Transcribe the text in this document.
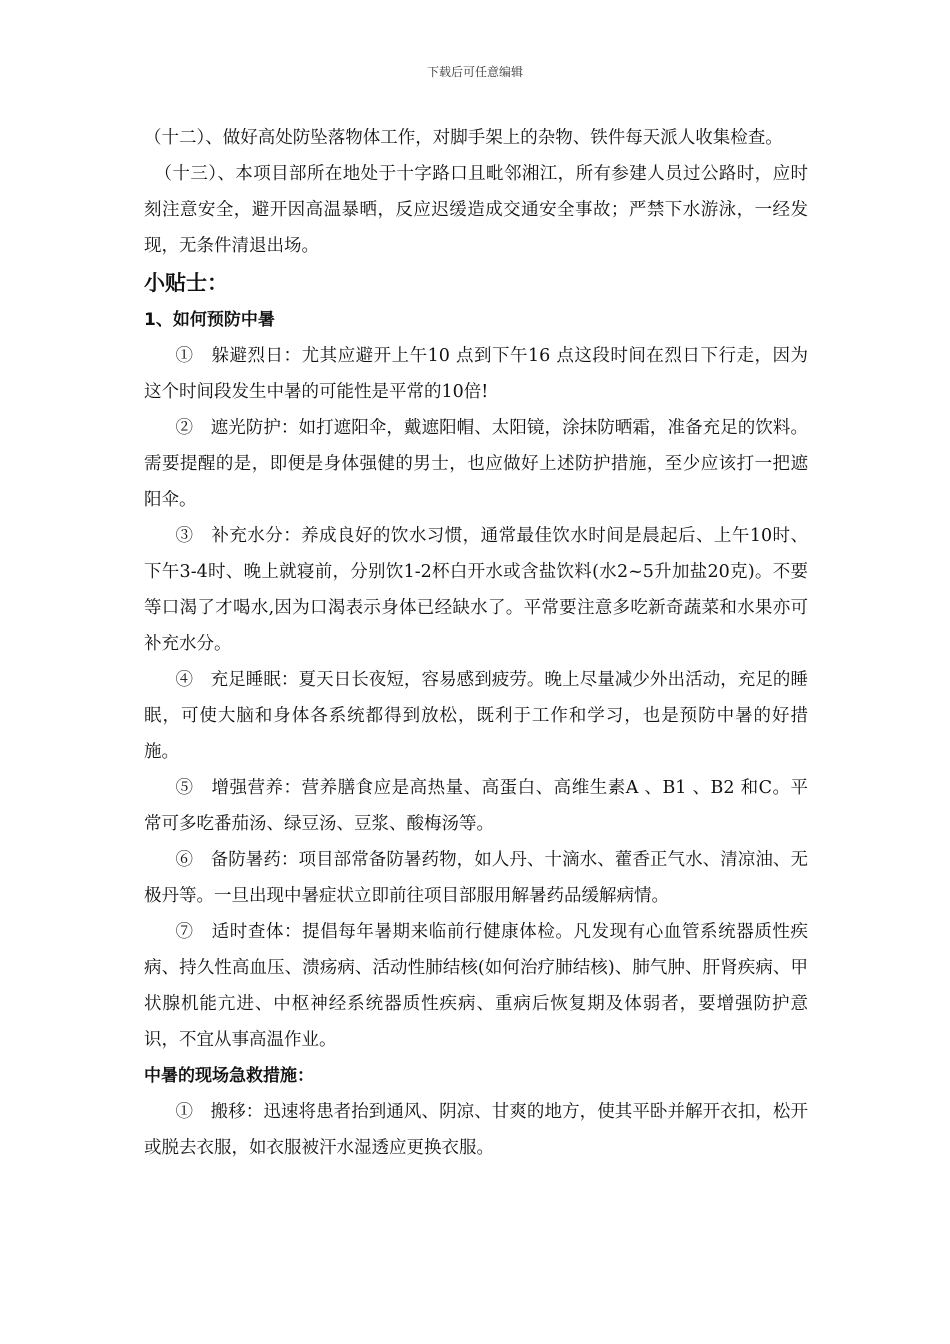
下载后可任意编辑

（十二）、做好高处防坠落物体工作，对脚手架上的杂物、铁件每天派人收集检查。

（十三）、本项目部所在地处于十字路口且毗邻湘江，所有参建人员过公路时，应时刻注意安全，避开因高温暴晒，反应迟缓造成交通安全事故；严禁下水游泳，一经发现，无条件清退出场。

小贴士：

1、如何预防中暑

①　躲避烈日：尤其应避开上午10 点到下午16 点这段时间在烈日下行走，因为这个时间段发生中暑的可能性是平常的10倍!

②　遮光防护：如打遮阳伞，戴遮阳帽、太阳镜，涂抹防晒霜，准备充足的饮料。需要提醒的是，即便是身体强健的男士，也应做好上述防护措施，至少应该打一把遮阳伞。

③　补充水分：养成良好的饮水习惯，通常最佳饮水时间是晨起后、上午10时、下午3-4时、晚上就寝前，分别饮1-2杯白开水或含盐饮料(水2~5升加盐20克)。不要等口渴了才喝水,因为口渴表示身体已经缺水了。平常要注意多吃新奇蔬菜和水果亦可补充水分。

④　充足睡眠：夏天日长夜短，容易感到疲劳。晚上尽量减少外出活动，充足的睡眠，可使大脑和身体各系统都得到放松，既利于工作和学习，也是预防中暑的好措施。

⑤　增强营养：营养膳食应是高热量、高蛋白、高维生素A 、B1 、B2 和C。平常可多吃番茄汤、绿豆汤、豆浆、酸梅汤等。

⑥　备防暑药：项目部常备防暑药物，如人丹、十滴水、藿香正气水、清凉油、无极丹等。一旦出现中暑症状立即前往项目部服用解暑药品缓解病情。

⑦　适时查体：提倡每年暑期来临前行健康体检。凡发现有心血管系统器质性疾病、持久性高血压、溃疡病、活动性肺结核(如何治疗肺结核)、肺气肿、肝肾疾病、甲状腺机能亢进、中枢神经系统器质性疾病、重病后恢复期及体弱者，要增强防护意识，不宜从事高温作业。

中暑的现场急救措施：

①　搬移：迅速将患者抬到通风、阴凉、甘爽的地方，使其平卧并解开衣扣，松开或脱去衣服，如衣服被汗水湿透应更换衣服。
